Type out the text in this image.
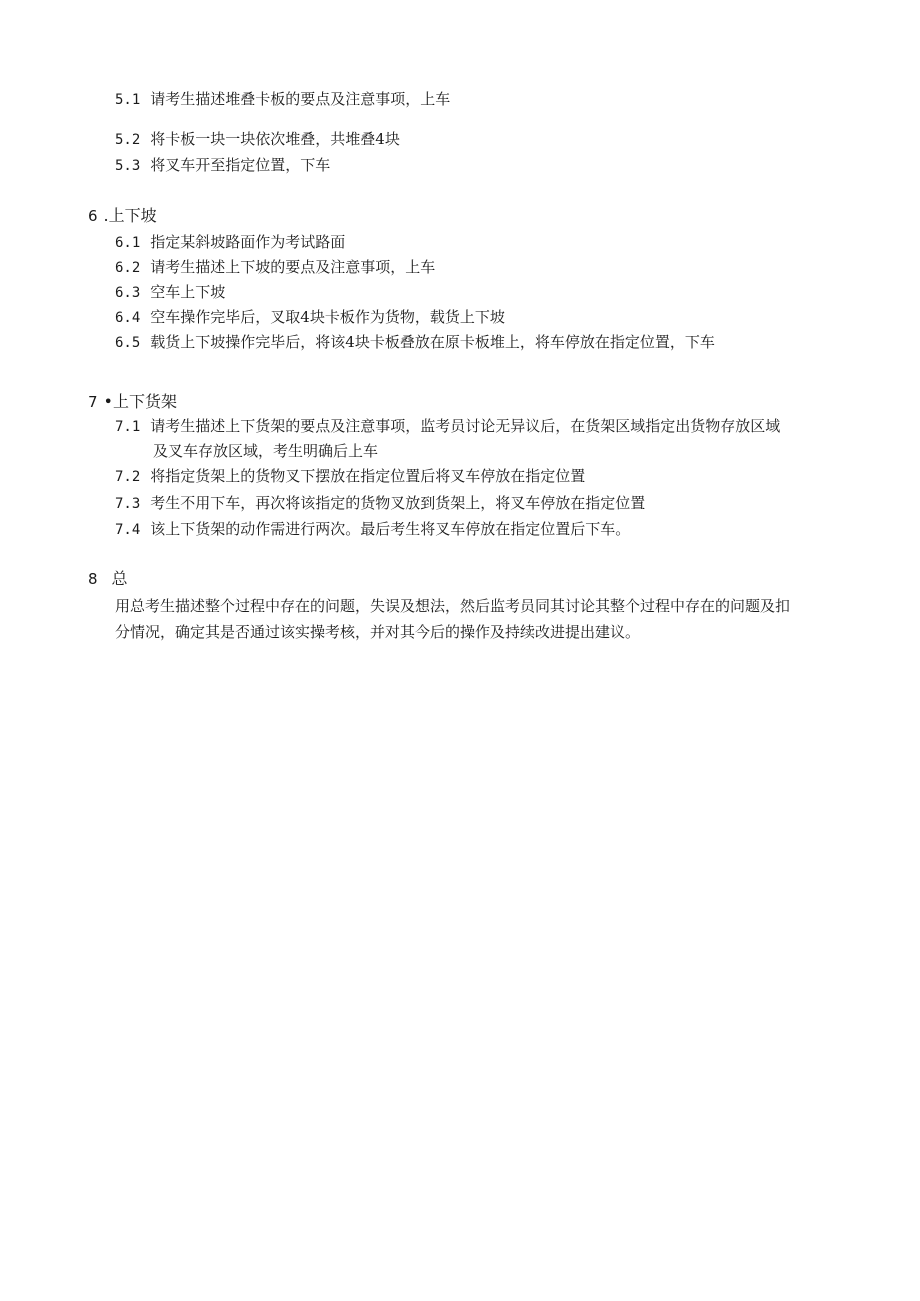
5.1 请考生描述堆叠卡板的要点及注意事项，上车
5.2 将卡板一块一块依次堆叠，共堆叠4块
5.3 将叉车开至指定位置，下车
6 .上下坡
6.1 指定某斜坡路面作为考试路面
6.2 请考生描述上下坡的要点及注意事项，上车
6.3 空车上下坡
6.4 空车操作完毕后，叉取4块卡板作为货物，载货上下坡
6.5 载货上下坡操作完毕后，将该4块卡板叠放在原卡板堆上，将车停放在指定位置，下车
7 •上下货架
7.1 请考生描述上下货架的要点及注意事项，监考员讨论无异议后，在货架区域指定出货物存放区域
及叉车存放区域，考生明确后上车
7.2 将指定货架上的货物叉下摆放在指定位置后将叉车停放在指定位置
7.3 考生不用下车，再次将该指定的货物叉放到货架上，将叉车停放在指定位置
7.4 该上下货架的动作需进行两次。最后考生将叉车停放在指定位置后下车。
8 总
用总考生描述整个过程中存在的问题，失误及想法，然后监考员同其讨论其整个过程中存在的问题及扣
分情况，确定其是否通过该实操考核，并对其今后的操作及持续改进提出建议。
